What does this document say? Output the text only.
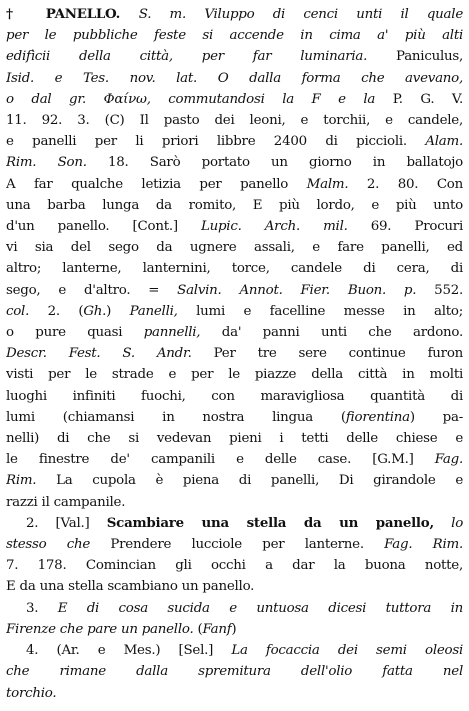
† PANELLO. S. m. Viluppo di cenci unti il quale
per le pubbliche feste si accende in cima a' più alti
edifìcii della città, per far luminaria. Paniculus,
Isid. e Tes. nov. lat. O dalla forma che avevano,
o dal gr. Φαίνω, commutandosi la F e la P. G. V.
11. 92. 3. (C) Il pasto dei leoni, e torchii, e candele,
e panelli per li priori libbre 2400 di piccioli. Alam.
Rim. Son. 18. Sarò portato un giorno in ballatojo
A far qualche letizia per panello Malm. 2. 80. Con
una barba lunga da romito, E più lordo, e più unto
d'un panello. [Cont.] Lupic. Arch. mil. 69. Procuri
vi sia del sego da ugnere assali, e fare panelli, ed
altro; lanterne, lanternini, torce, candele di cera, di
sego, e d'altro. = Salvin. Annot. Fier. Buon. p. 552.
col. 2. (Gh.) Panelli, lumi e facelline messe in alto;
o pure quasi pannelli, da' panni unti che ardono.
Descr. Fest. S. Andr. Per tre sere continue furon
visti per le strade e per le piazze della città in molti
luoghi infiniti fuochi, con maravigliosa quantità di
lumi (chiamansi in nostra lingua (fiorentina) pa-
nelli) di che si vedevan pieni i tetti delle chiese e
le finestre de' campanili e delle case. [G.M.] Fag.
Rim. La cupola è piena di panelli, Di girandole e
razzi il campanile.
2. [Val.] Scambiare una stella da un panello, lo
stesso che Prendere lucciole per lanterne. Fag. Rim.
7. 178. Comincian gli occhi a dar la buona notte,
E da una stella scambiano un panello.
3. E di cosa sucida e untuosa dicesi tuttora in
Firenze che pare un panello. (Fanf)
4. (Ar. e Mes.) [Sel.] La focaccia dei semi oleosi
che rimane dalla spremitura dell'olio fatta nel
torchio.
